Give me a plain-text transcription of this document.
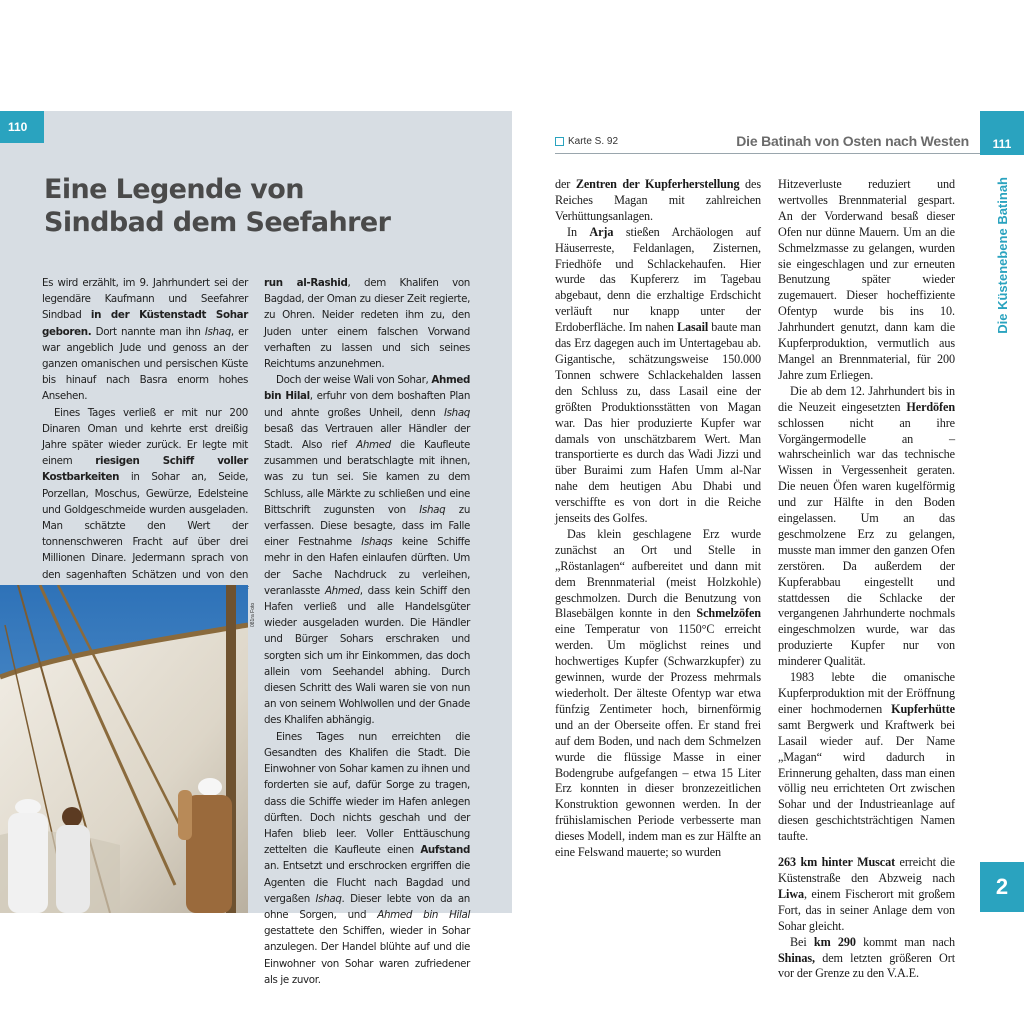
110
Eine Legende von
Sindbad dem Seefahrer

Es wird erzählt, im 9. Jahrhundert sei der legendäre Kaufmann und Seefahrer Sindbad in der Küstenstadt Sohar geboren. Dort nannte man ihn Ishaq, er war angeblich Jude und genoss an der ganzen omanischen und persischen Küste bis hinauf nach Basra enorm hohes Ansehen.

Eines Tages verließ er mit nur 200 Dinaren Oman und kehrte erst dreißig Jahre später wieder zurück. Er legte mit einem riesigen Schiff voller Kostbarkeiten in Sohar an, Seide, Porzellan, Moschus, Gewürze, Edelsteine und Goldgeschmeide wurden ausgeladen. Man schätzte den Wert der tonnenschweren Fracht auf über drei Millionen Dinare. Jedermann sprach von den sagenhaften Schätzen und von den

run al-Rashid, dem Khalifen von Bagdad, der Oman zu dieser Zeit regierte, zu Ohren. Neider redeten ihm zu, den Juden unter einem falschen Vorwand verhaften zu lassen und sich seines Reichtums anzunehmen.

Doch der weise Wali von Sohar, Ahmed bin Hilal, erfuhr von dem boshaften Plan und ahnte großes Unheil, denn Ishaq besaß das Vertrauen aller Händler der Stadt. Also rief Ahmed die Kaufleute zusammen und beratschlagte mit ihnen, was zu tun sei. Sie kamen zu dem Schluss, alle Märkte zu schließen und eine Bittschrift zugunsten von Ishaq zu verfassen. Diese besagte, dass im Falle einer Festnahme Ishaqs keine Schiffe mehr in den Hafen einlaufen dürften. Um der Sache Nachdruck zu verleihen, veranlasste Ahmed, dass kein Schiff den Hafen verließ und alle Handelsgüter wieder ausgeladen wurden. Die Händler und Bürger Sohars erschraken und sorgten sich um ihr Einkommen, das doch allein vom Seehandel abhing. Durch diesen Schritt des Wali waren sie von nun an von seinem Wohlwollen und der Gnade des Khalifen abhängig.

Eines Tages nun erreichten die Gesandten des Khalifen die Stadt. Die Einwohner von Sohar kamen zu ihnen und forderten sie auf, dafür Sorge zu tragen, dass die Schiffe wieder im Hafen anlegen dürften. Doch nichts geschah und der Hafen blieb leer. Voller Enttäuschung zettelten die Kaufleute einen Aufstand an. Entsetzt und erschrocken ergriffen die Agenten die Flucht nach Bagdad und vergaßen Ishaq. Dieser lebte von da an ohne Sorgen, und Ahmed bin Hilal gestattete den Schiffen, wieder in Sohar anzulegen. Der Handel blühte auf und die Einwohner von Sohar waren zufriedener als je zuvor.

081ra Foto
Karte S. 92	Die Batinah von Osten nach Westen	111
Die Küstenebene Batinah

der Zentren der Kupferherstellung des Reiches Magan mit zahlreichen Verhüttungsanlagen.

In Arja stießen Archäologen auf Häuserreste, Feldanlagen, Zisternen, Friedhöfe und Schlackehaufen. Hier wurde das Kupfererz im Tagebau abgebaut, denn die erzhaltige Erdschicht verläuft nur knapp unter der Erdoberfläche. Im nahen Lasail baute man das Erz dagegen auch im Untertagebau ab. Gigantische, schätzungsweise 150.000 Tonnen schwere Schlackehalden lassen den Schluss zu, dass Lasail eine der größten Produktionsstätten von Magan war. Das hier produzierte Kupfer war damals von unschätzbarem Wert. Man transportierte es durch das Wadi Jizzi und über Buraimi zum Hafen Umm al-Nar nahe dem heutigen Abu Dhabi und verschiffte es von dort in die Reiche jenseits des Golfes.

Das klein geschlagene Erz wurde zunächst an Ort und Stelle in „Röstanlagen“ aufbereitet und dann mit dem Brennmaterial (meist Holzkohle) geschmolzen. Durch die Benutzung von Blasebälgen konnte in den Schmelzöfen eine Temperatur von 1150°C erreicht werden. Um möglichst reines und hochwertiges Kupfer (Schwarzkupfer) zu gewinnen, wurde der Prozess mehrmals wiederholt. Der älteste Ofentyp war etwa fünfzig Zentimeter hoch, birnenförmig und an der Oberseite offen. Er stand frei auf dem Boden, und nach dem Schmelzen wurde die flüssige Masse in einer Bodengrube aufgefangen – etwa 15 Liter Erz konnten in dieser bronzezeitlichen Konstruktion gewonnen werden. In der frühislamischen Periode verbesserte man dieses Modell, indem man es zur Hälfte an eine Felswand mauerte; so wurden

Hitzeverluste reduziert und wertvolles Brennmaterial gespart. An der Vorderwand besaß dieser Ofen nur dünne Mauern. Um an die Schmelzmasse zu gelangen, wurden sie eingeschlagen und zur erneuten Benutzung später wieder zugemauert. Dieser hocheffiziente Ofentyp wurde bis ins 10. Jahrhundert genutzt, dann kam die Kupferproduktion, vermutlich aus Mangel an Brennmaterial, für 200 Jahre zum Erliegen.

Die ab dem 12. Jahrhundert bis in die Neuzeit eingesetzten Herdöfen schlossen nicht an ihre Vorgängermodelle an – wahrscheinlich war das technische Wissen in Vergessenheit geraten. Die neuen Öfen waren kugelförmig und zur Hälfte in den Boden eingelassen. Um an das geschmolzene Erz zu gelangen, musste man immer den ganzen Ofen zerstören. Da außerdem der Kupferabbau eingestellt und stattdessen die Schlacke der vergangenen Jahrhunderte nochmals eingeschmolzen wurde, war das produzierte Kupfer nur von minderer Qualität.

1983 lebte die omanische Kupferproduktion mit der Eröffnung einer hochmodernen Kupferhütte samt Bergwerk und Kraftwerk bei Lasail wieder auf. Der Name „Magan“ wird dadurch in Erinnerung gehalten, dass man einen völlig neu errichteten Ort zwischen Sohar und der Industrieanlage auf diesen geschichtsträchtigen Namen taufte.

263 km hinter Muscat erreicht die Küstenstraße den Abzweig nach Liwa, einem Fischerort mit großem Fort, das in seiner Anlage dem von Sohar gleicht.

Bei km 290 kommt man nach Shinas, dem letzten größeren Ort vor der Grenze zu den V.A.E.

2
